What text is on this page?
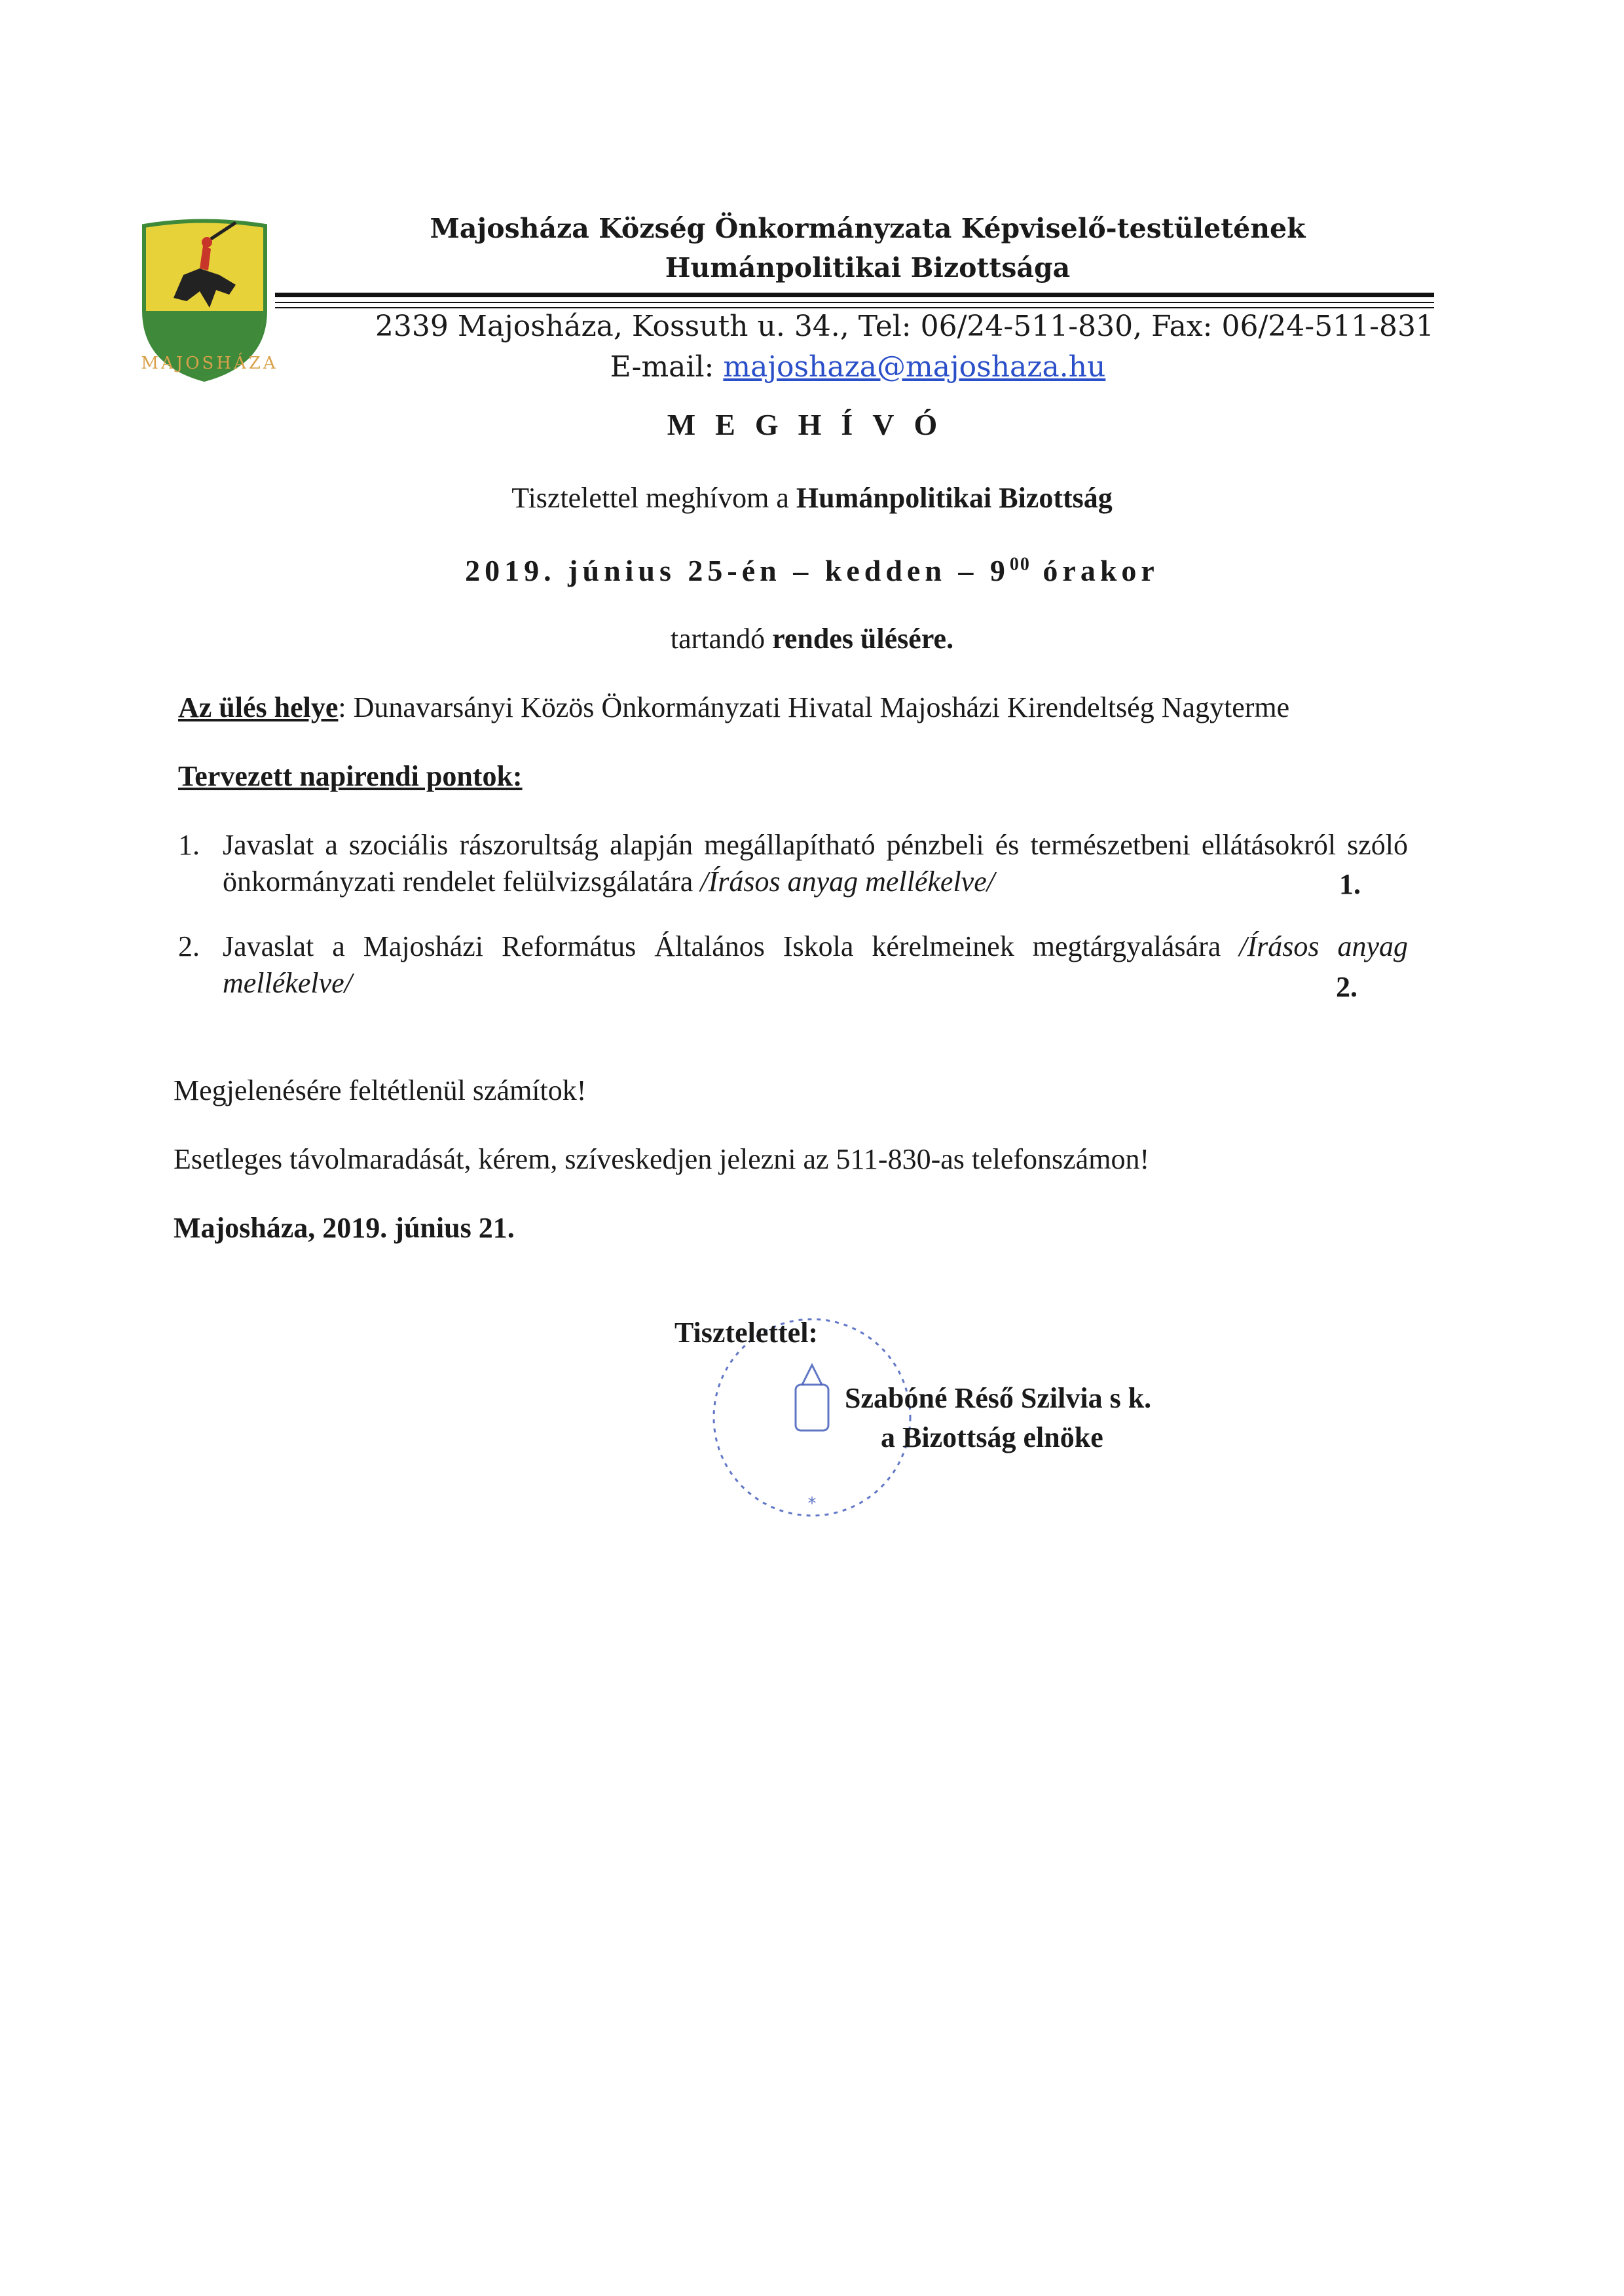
MAJOSHÁZA
Majosháza Község Önkormányzata Képviselő-testületének
Humánpolitikai Bizottsága
2339 Majosháza, Kossuth u. 34., Tel: 06/24-511-830, Fax: 06/24-511-831
E-mail: majoshaza@majoshaza.hu
MEGHÍVÓ
Tisztelettel meghívom a Humánpolitikai Bizottság
2019. június 25-én – kedden – $9^{00}$ órakor
tartandó rendes ülésére.
Az ülés helye: Dunavarsányi Közös Önkormányzati Hivatal Majosházi Kirendeltség Nagyterme
Tervezett napirendi pontok:
1. Javaslat a szociális rászorultság alapján megállapítható pénzbeli és természetbeni ellátásokról szóló önkormányzati rendelet felülvizsgálatára /Írásos anyag mellékelve/	1.
2. Javaslat a Majosházi Református Általános Iskola kérelmeinek megtárgyalására /Írásos anyag mellékelve/	2.
Megjelenésére feltétlenül számítok!
Esetleges távolmaradását, kérem, szíveskedjen jelezni az 511-830-as telefonszámon!
Majosháza, 2019. június 21.
*
Tisztelettel:
Szabóné Réső Szilvia s k.
a Bizottság elnöke
